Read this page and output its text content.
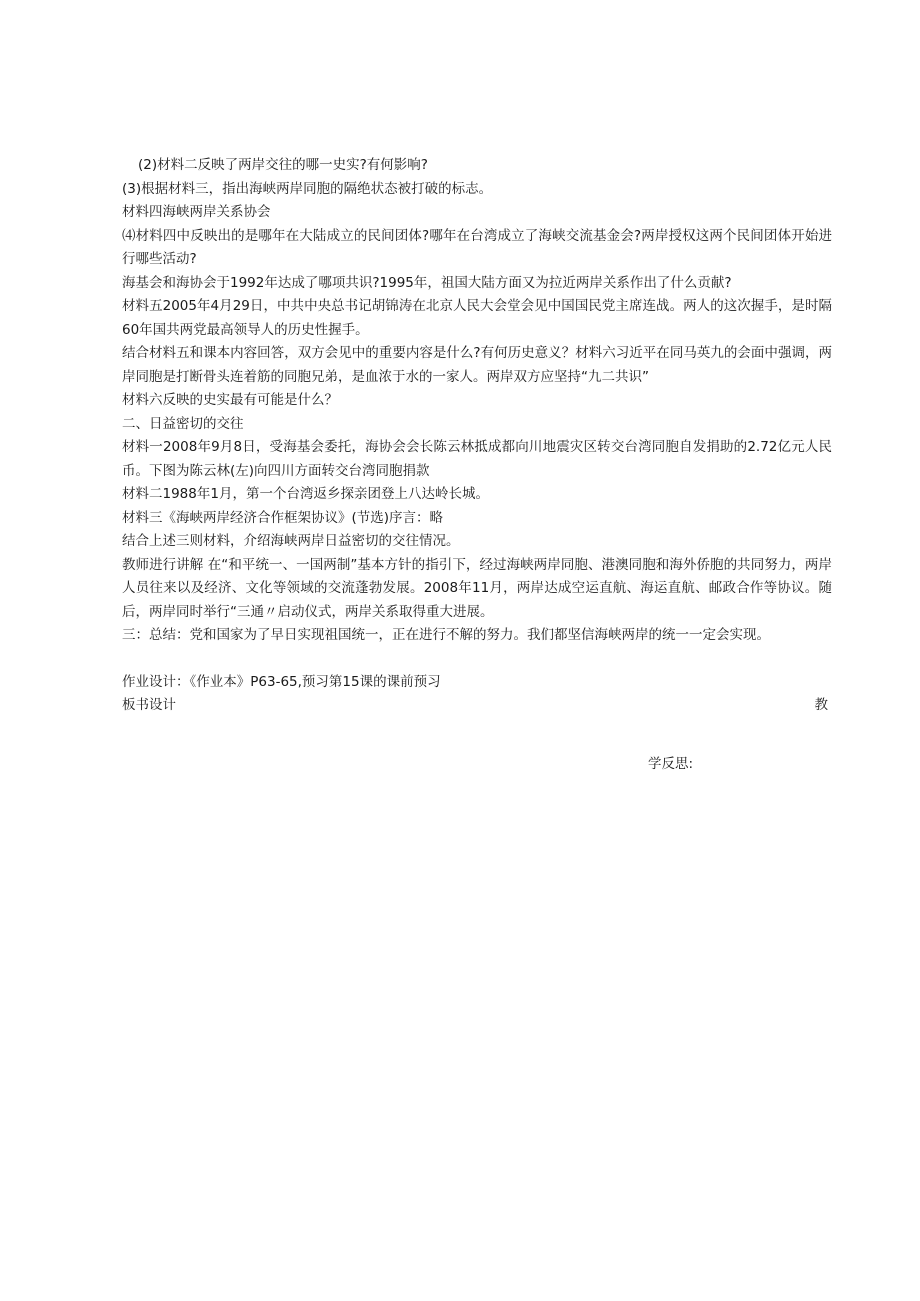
(2)材料二反映了两岸交往的哪一史实?有何影响?

(3)根据材料三，指出海峡两岸同胞的隔绝状态被打破的标志。

材料四海峡两岸关系协会

⑷材料四中反映出的是哪年在大陆成立的民间团体?哪年在台湾成立了海峡交流基金会?两岸授权这两个民间团体开始进行哪些活动?

海基会和海协会于1992年达成了哪项共识?1995年，祖国大陆方面又为拉近两岸关系作出了什么贡献?

材料五2005年4月29日，中共中央总书记胡锦涛在北京人民大会堂会见中国国民党主席连战。两人的这次握手，是时隔60年国共两党最高领导人的历史性握手。

结合材料五和课本内容回答，双方会见中的重要内容是什么?有何历史意义？材料六习近平在同马英九的会面中强调，两岸同胞是打断骨头连着筋的同胞兄弟，是血浓于水的一家人。两岸双方应坚持“九二共识”

材料六反映的史实最有可能是什么？

二、日益密切的交往

材料一2008年9月8日，受海基会委托，海协会会长陈云林抵成都向川地震灾区转交台湾同胞自发捐助的2.72亿元人民币。下图为陈云林(左)向四川方面转交台湾同胞捐款

材料二1988年1月，第一个台湾返乡探亲团登上八达岭长城。

材料三《海峡两岸经济合作框架协议》(节选)序言：略

结合上述三则材料，介绍海峡两岸日益密切的交往情况。

教师进行讲解 在“和平统一、一国两制”基本方针的指引下，经过海峡两岸同胞、港澳同胞和海外侨胞的共同努力，两岸人员往来以及经济、文化等领域的交流蓬勃发展。2008年11月，两岸达成空运直航、海运直航、邮政合作等协议。随后，两岸同时举行“三通〃启动仪式，两岸关系取得重大进展。

三：总结：党和国家为了早日实现祖国统一，正在进行不解的努力。我们都坚信海峡两岸的统一一定会实现。

作业设计：《作业本》P63-65,预习第15课的课前预习

板书设计	教

学反思:
